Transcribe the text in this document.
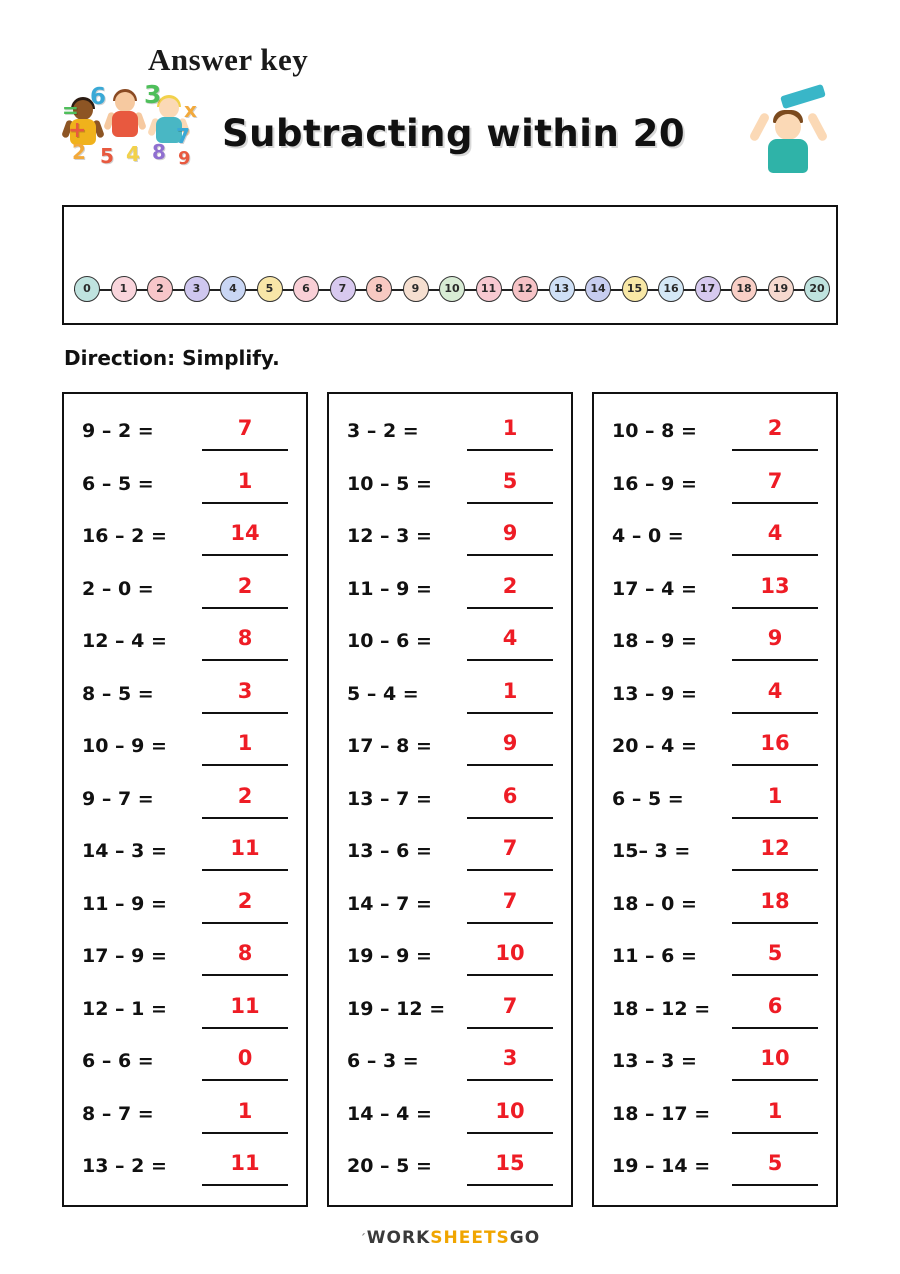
6 3
2 5 4 8
7
9
+
x
=
Answer key
Subtracting within 20
0	1	2	3	4	5	6	7	8	9	10	11	12	13	14	15	16	17	18	19	20
Direction: Simplify.
9 – 2 =	7
6 – 5 =	1
16 – 2 =	14
2 – 0 =	2
12 – 4 =	8
8 – 5 =	3
10 – 9 =	1
9 – 7 =	2
14 – 3 =	11
11 – 9 =	2
17 – 9 =	8
12 – 1 =	11
6 – 6 =	0
8 – 7 =	1
13 – 2 =	11
3 – 2 =	1
10 – 5 =	5
12 – 3 =	9
11 – 9 =	2
10 – 6 =	4
5 – 4 =	1
17 – 8 =	9
13 – 7 =	6
13 – 6 =	7
14 – 7 =	7
19 – 9 =	10
19 – 12 =	7
6 – 3 =	3
14 – 4 =	10
20 – 5 =	15
10 – 8 =	2
16 – 9 =	7
4 – 0 =	4
17 – 4 =	13
18 – 9 =	9
13 – 9 =	4
20 – 4 =	16
6 – 5 =	1
15– 3 =	12
18 – 0 =	18
11 – 6 =	5
18 – 12 =	6
13 – 3 =	10
18 – 17 =	1
19 – 14 =	5
´WORKSHEETSGO
